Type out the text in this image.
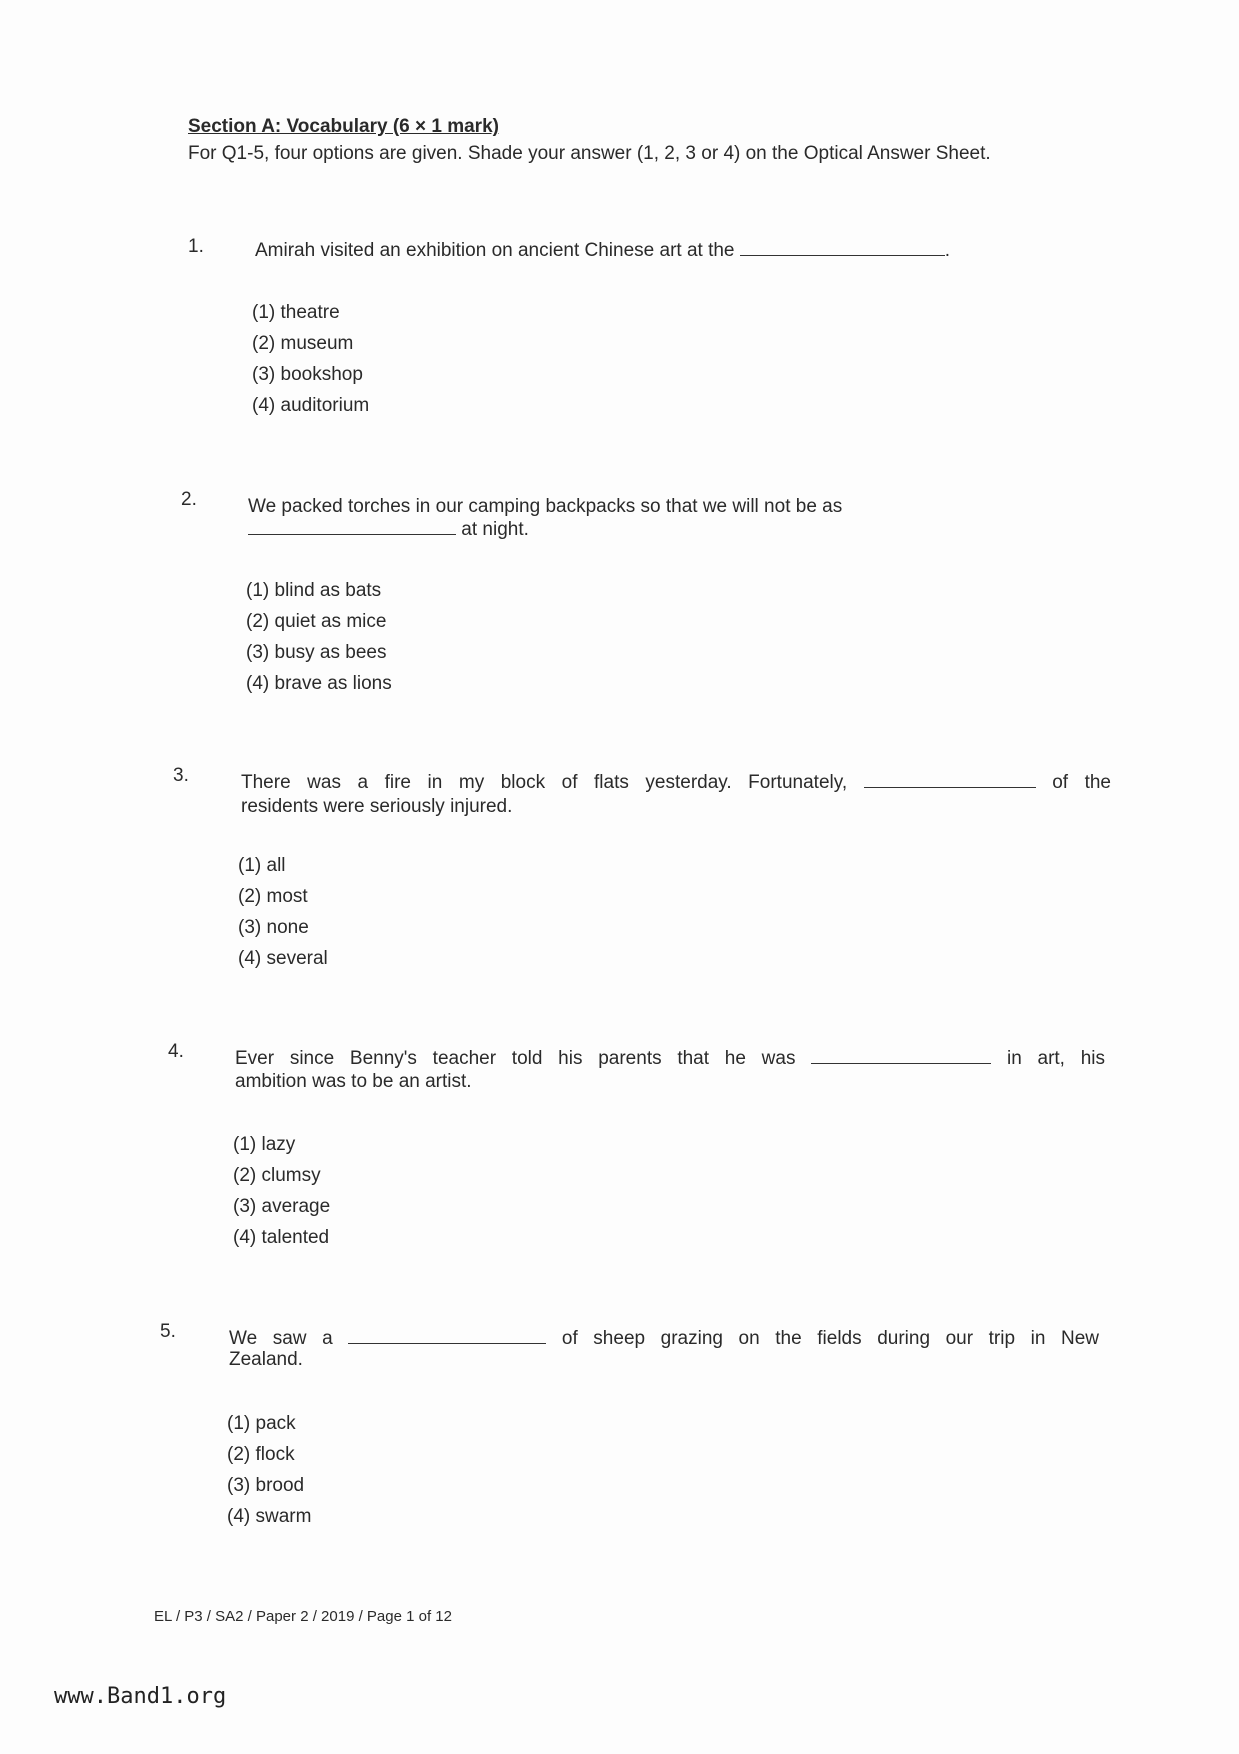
Section A: Vocabulary (6 × 1 mark)
For Q1-5, four options are given. Shade your answer (1, 2, 3 or 4) on the Optical Answer Sheet.
1.	Amirah visited an exhibition on ancient Chinese art at the	.
(1) theatre
(2) museum
(3) bookshop
(4) auditorium
2.	We packed torches in our camping backpacks so that we will not be as
at night.
(1) blind as bats
(2) quiet as mice
(3) busy as bees
(4) brave as lions
3.	There was a fire in my block of flats yesterday. Fortunately,	of the
residents were seriously injured.
(1) all
(2) most
(3) none
(4) several
4.	Ever since Benny's teacher told his parents that he was	in art, his
ambition was to be an artist.
(1) lazy
(2) clumsy
(3) average
(4) talented
5.	We saw a	of sheep grazing on the fields during our trip in New
Zealand.
(1) pack
(2) flock
(3) brood
(4) swarm
EL / P3 / SA2 / Paper 2 / 2019 / Page 1 of 12
www.Band1.org
